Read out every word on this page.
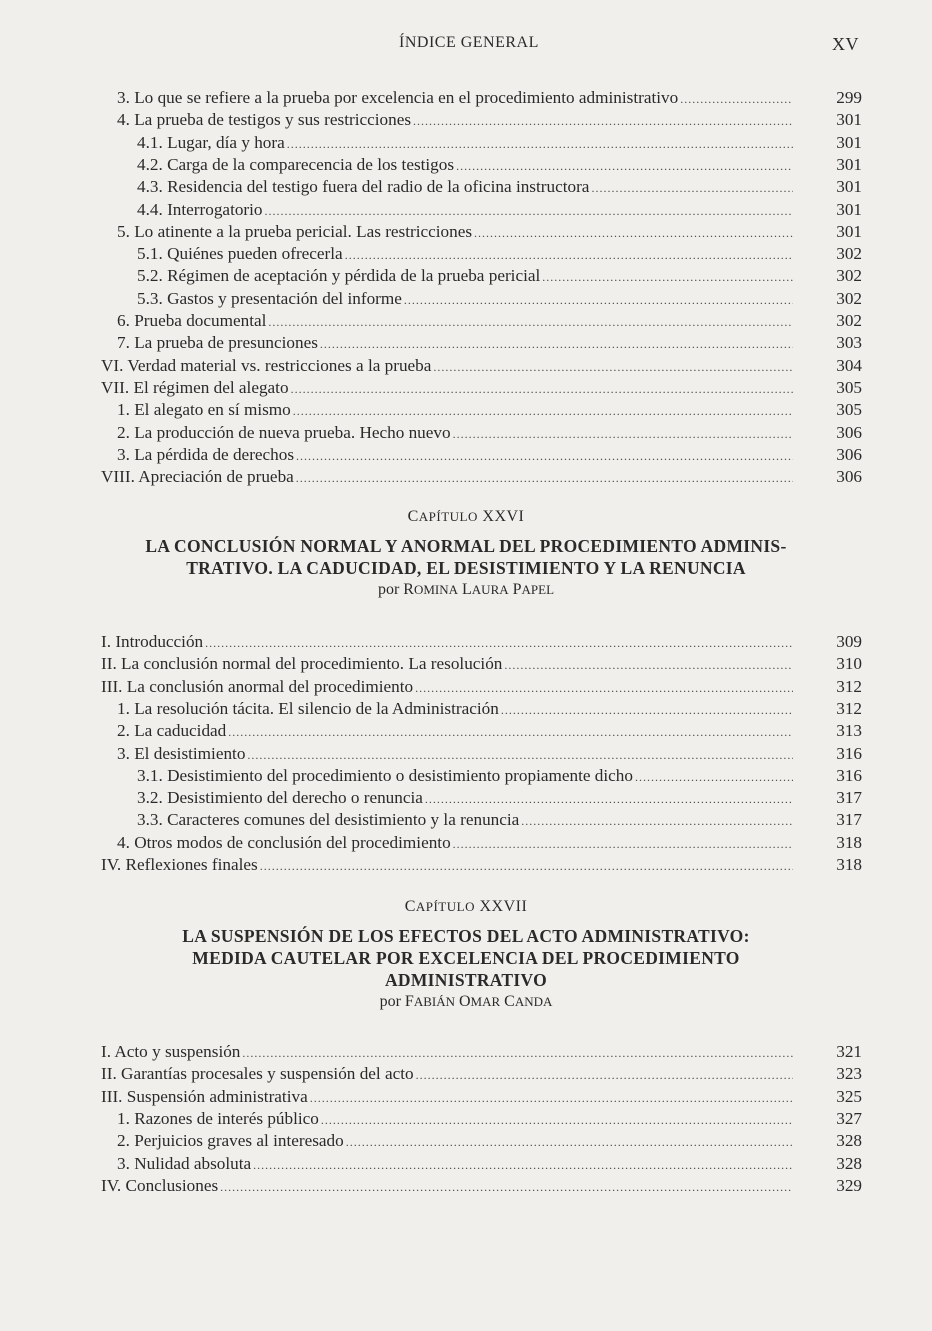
ÍNDICE GENERAL	XV
3. Lo que se refiere a la prueba por excelencia en el procedimiento administrativo .....	299
4. La prueba de testigos y sus restricciones .....	301
4.1. Lugar, día y hora .....	301
4.2. Carga de la comparecencia de los testigos .....	301
4.3. Residencia del testigo fuera del radio de la oficina instructora .....	301
4.4. Interrogatorio .....	301
5. Lo atinente a la prueba pericial. Las restricciones .....	301
5.1. Quiénes pueden ofrecerla .....	302
5.2. Régimen de aceptación y pérdida de la prueba pericial .....	302
5.3. Gastos y presentación del informe .....	302
6. Prueba documental .....	302
7. La prueba de presunciones .....	303
VI. Verdad material vs. restricciones a la prueba .....	304
VII. El régimen del alegato .....	305
1. El alegato en sí mismo .....	305
2. La producción de nueva prueba. Hecho nuevo .....	306
3. La pérdida de derechos .....	306
VIII. Apreciación de prueba .....	306
CAPÍTULO XXVI
LA CONCLUSIÓN NORMAL Y ANORMAL DEL PROCEDIMIENTO ADMINIS-
TRATIVO. LA CADUCIDAD, EL DESISTIMIENTO Y LA RENUNCIA
por ROMINA LAURA PAPEL
I. Introducción .....	309
II. La conclusión normal del procedimiento. La resolución .....	310
III. La conclusión anormal del procedimiento .....	312
1. La resolución tácita. El silencio de la Administración .....	312
2. La caducidad .....	313
3. El desistimiento .....	316
3.1. Desistimiento del procedimiento o desistimiento propiamente dicho .....	316
3.2. Desistimiento del derecho o renuncia .....	317
3.3. Caracteres comunes del desistimiento y la renuncia .....	317
4. Otros modos de conclusión del procedimiento .....	318
IV. Reflexiones finales .....	318
CAPÍTULO XXVII
LA SUSPENSIÓN DE LOS EFECTOS DEL ACTO ADMINISTRATIVO:
MEDIDA CAUTELAR POR EXCELENCIA DEL PROCEDIMIENTO
ADMINISTRATIVO
por FABIÁN OMAR CANDA
I. Acto y suspensión .....	321
II. Garantías procesales y suspensión del acto .....	323
III. Suspensión administrativa .....	325
1. Razones de interés público .....	327
2. Perjuicios graves al interesado .....	328
3. Nulidad absoluta .....	328
IV. Conclusiones .....	329
